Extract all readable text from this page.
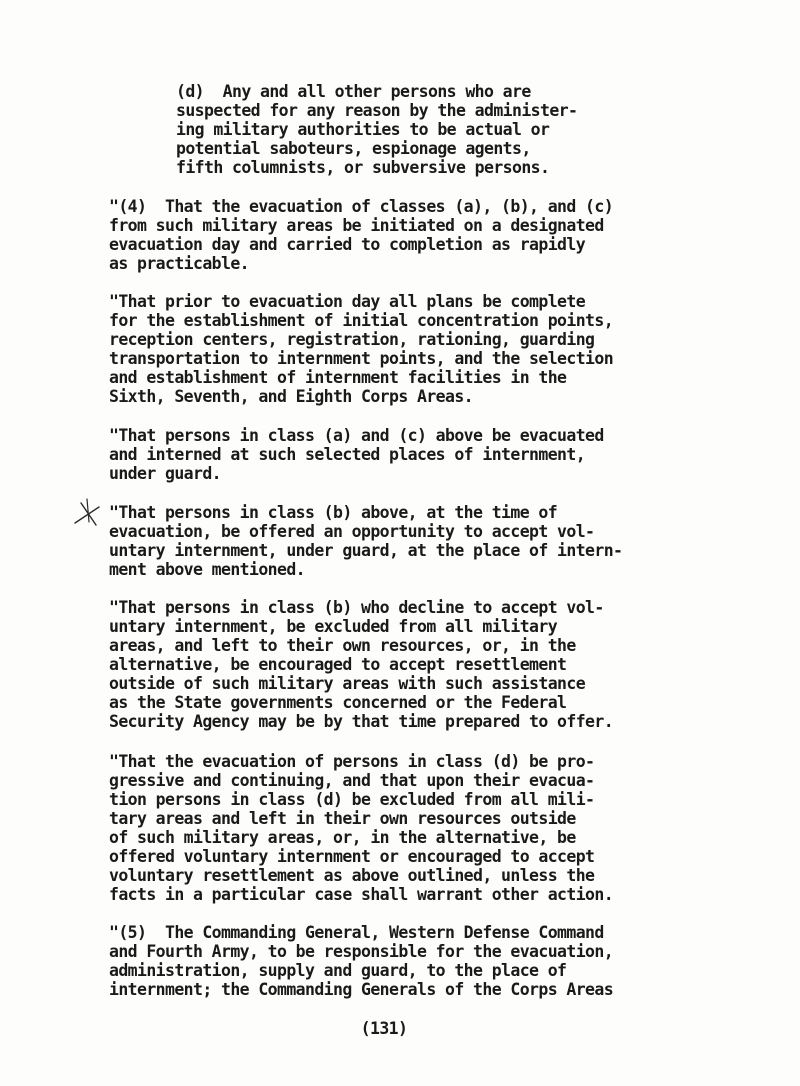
(d)  Any and all other persons who are
suspected for any reason by the administer-
ing military authorities to be actual or
potential saboteurs, espionage agents,
fifth columnists, or subversive persons.
"(4)  That the evacuation of classes (a), (b), and (c)
from such military areas be initiated on a designated
evacuation day and carried to completion as rapidly
as practicable.
"That prior to evacuation day all plans be complete
for the establishment of initial concentration points,
reception centers, registration, rationing, guarding
transportation to internment points, and the selection
and establishment of internment facilities in the
Sixth, Seventh, and Eighth Corps Areas.
"That persons in class (a) and (c) above be evacuated
and interned at such selected places of internment,
under guard.
"That persons in class (b) above, at the time of
evacuation, be offered an opportunity to accept vol-
untary internment, under guard, at the place of intern-
ment above mentioned.
"That persons in class (b) who decline to accept vol-
untary internment, be excluded from all military
areas, and left to their own resources, or, in the
alternative, be encouraged to accept resettlement
outside of such military areas with such assistance
as the State governments concerned or the Federal
Security Agency may be by that time prepared to offer.
"That the evacuation of persons in class (d) be pro-
gressive and continuing, and that upon their evacua-
tion persons in class (d) be excluded from all mili-
tary areas and left in their own resources outside
of such military areas, or, in the alternative, be
offered voluntary internment or encouraged to accept
voluntary resettlement as above outlined, unless the
facts in a particular case shall warrant other action.
"(5)  The Commanding General, Western Defense Command
and Fourth Army, to be responsible for the evacuation,
administration, supply and guard, to the place of
internment; the Commanding Generals of the Corps Areas
(131)
